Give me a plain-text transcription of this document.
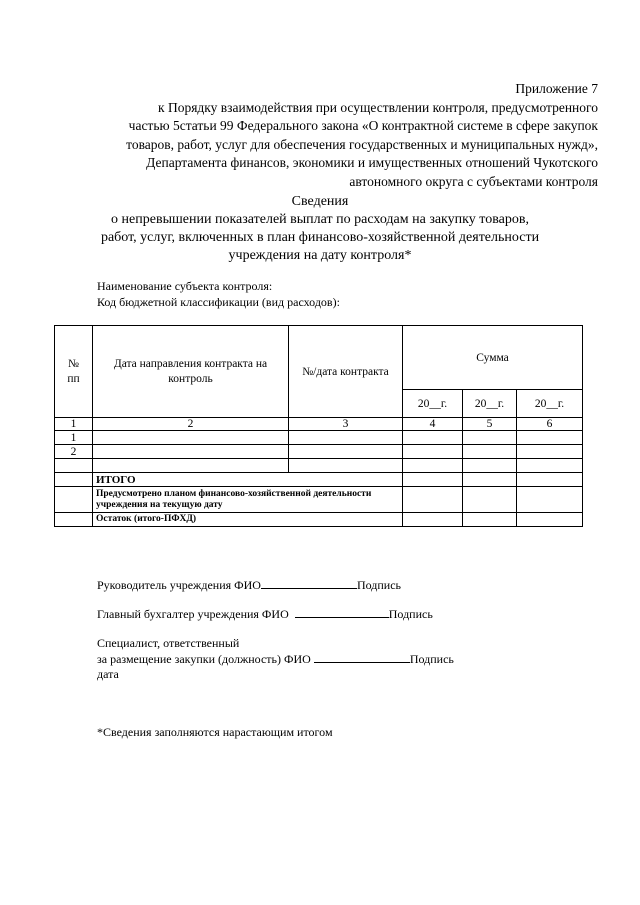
Приложение 7
к Порядку взаимодействия при осуществлении контроля, предусмотренного
частью 5статьи 99 Федерального закона «О контрактной системе в сфере закупок
товаров, работ, услуг для обеспечения государственных и муниципальных нужд»,
Департамента финансов, экономики и имущественных отношений Чукотского
автономного округа с субъектами контроля
Сведения
о непревышении показателей выплат по расходам на закупку товаров,
работ, услуг, включенных в план финансово-хозяйственной деятельности
учреждения на дату контроля*
Наименование субъекта контроля:
Код бюджетной классификации (вид расходов):
№ пп	Дата направления контракта на контроль	№/дата контракта	Сумма		
			20__г.	20__г.	20__г.
1	2	3	4	5	6
1					
2					

	ИТОГО				
	Предусмотрено планом финансово-хозяйственной деятельности учреждения на текущую дату				
	Остаток (итого-ПФХД)				
Руководитель учреждения ФИО	Подпись
Главный бухгалтер учреждения ФИО	Подпись
Специалист, ответственный
за размещение закупки (должность) ФИО	Подпись
дата
*Сведения заполняются нарастающим итогом
